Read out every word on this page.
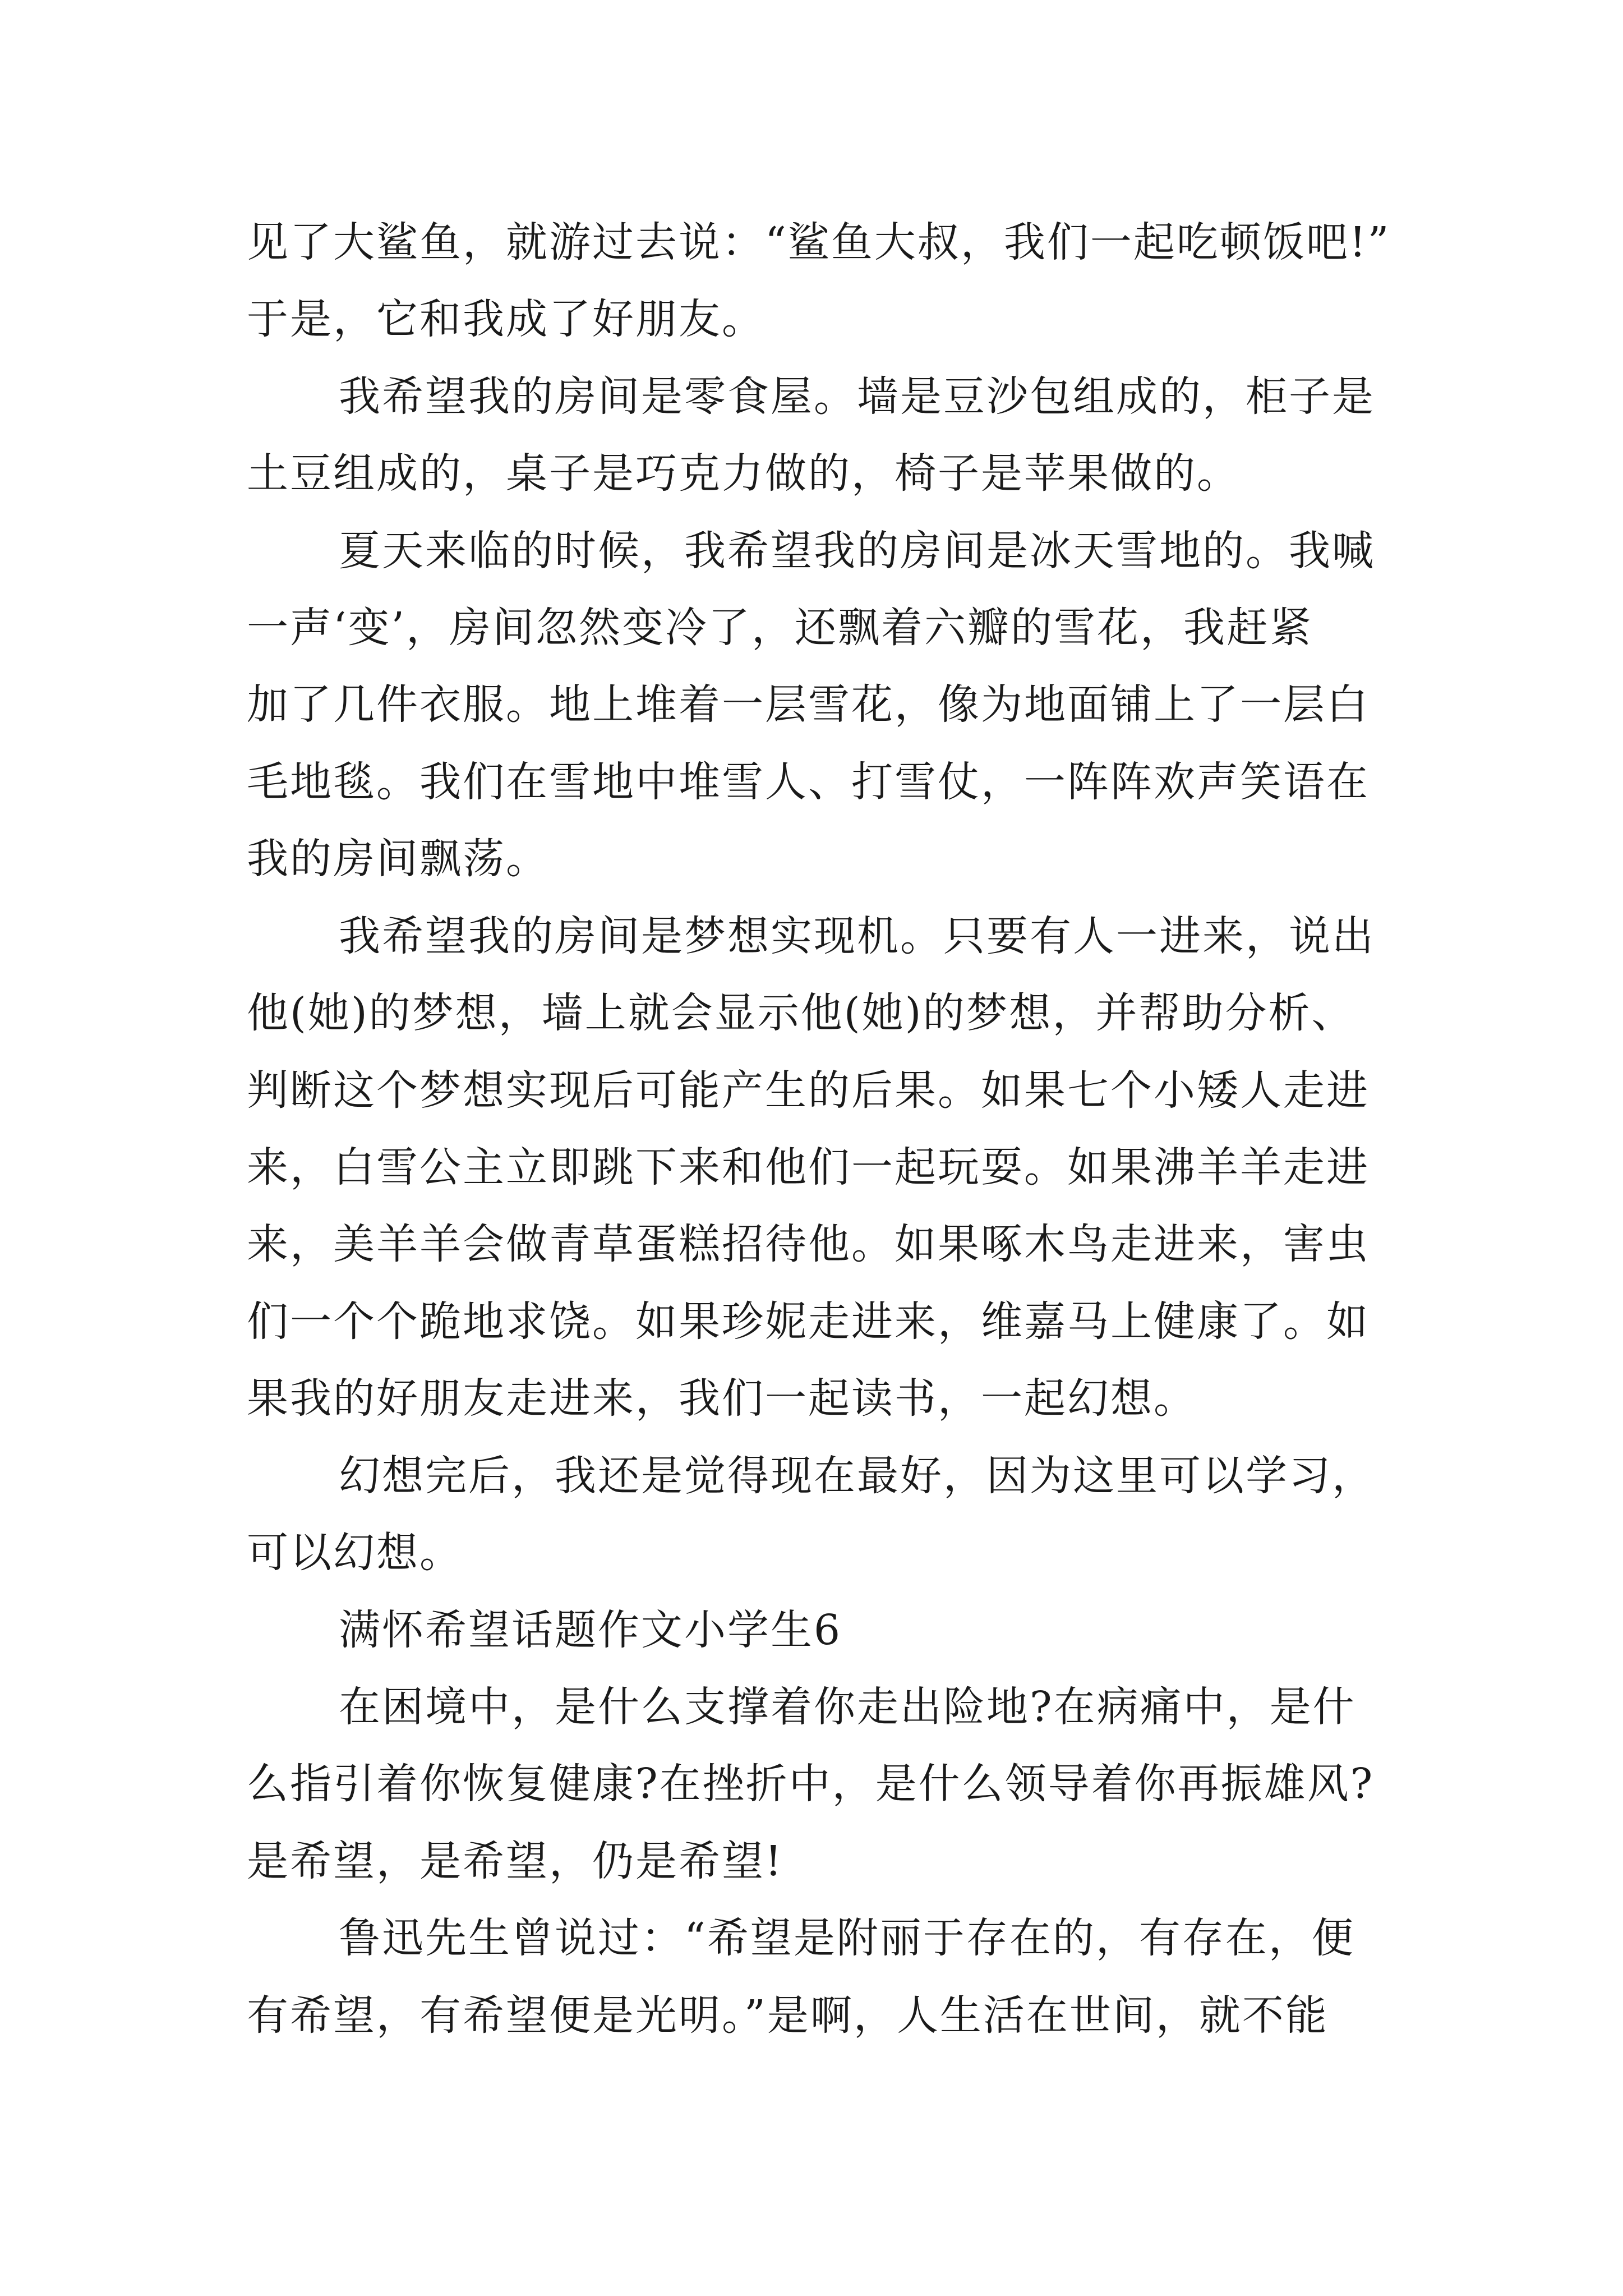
见了大鲨鱼，就游过去说：“鲨鱼大叔，我们一起吃顿饭吧!”
于是，它和我成了好朋友。
我希望我的房间是零食屋。墙是豆沙包组成的，柜子是
土豆组成的，桌子是巧克力做的，椅子是苹果做的。
夏天来临的时候，我希望我的房间是冰天雪地的。我喊
一声‘变’，房间忽然变冷了，还飘着六瓣的雪花，我赶紧
加了几件衣服。地上堆着一层雪花，像为地面铺上了一层白
毛地毯。我们在雪地中堆雪人、打雪仗，一阵阵欢声笑语在
我的房间飘荡。
我希望我的房间是梦想实现机。只要有人一进来，说出
他(她)的梦想，墙上就会显示他(她)的梦想，并帮助分析、
判断这个梦想实现后可能产生的后果。如果七个小矮人走进
来，白雪公主立即跳下来和他们一起玩耍。如果沸羊羊走进
来，美羊羊会做青草蛋糕招待他。如果啄木鸟走进来，害虫
们一个个跪地求饶。如果珍妮走进来，维嘉马上健康了。如
果我的好朋友走进来，我们一起读书，一起幻想。
幻想完后，我还是觉得现在最好，因为这里可以学习，
可以幻想。
满怀希望话题作文小学生6
在困境中，是什么支撑着你走出险地?在病痛中，是什
么指引着你恢复健康?在挫折中，是什么领导着你再振雄风?
是希望，是希望，仍是希望!
鲁迅先生曾说过：“希望是附丽于存在的，有存在，便
有希望，有希望便是光明。”是啊，人生活在世间，就不能
